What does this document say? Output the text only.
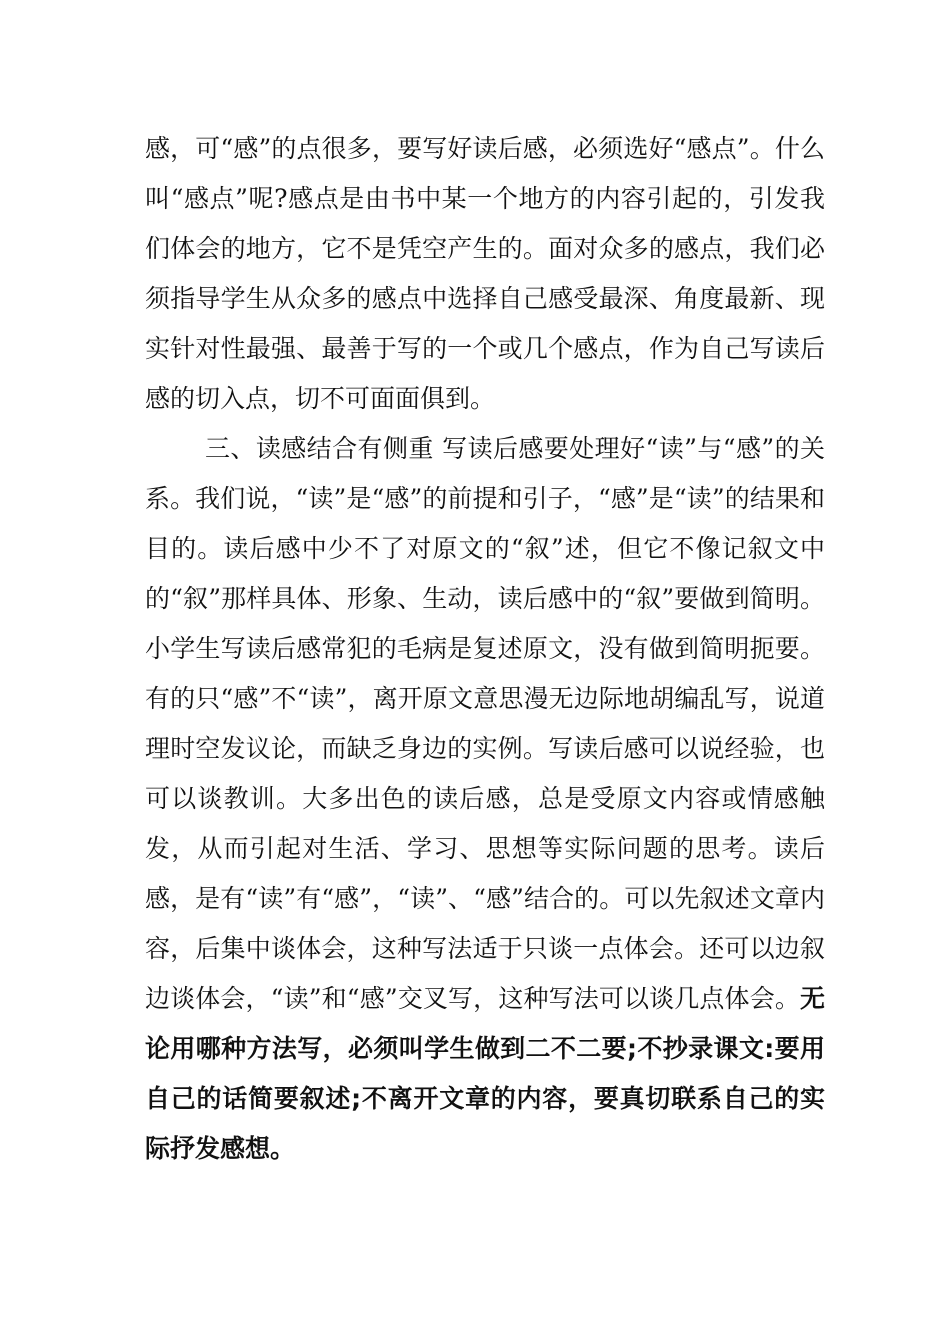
感，可“感”的点很多，要写好读后感，必须选好“感点”。什么叫“感点”呢?感点是由书中某一个地方的内容引起的，引发我们体会的地方，它不是凭空产生的。面对众多的感点，我们必须指导学生从众多的感点中选择自己感受最深、角度最新、现实针对性最强、最善于写的一个或几个感点，作为自己写读后感的切入点，切不可面面俱到。

三、读感结合有侧重 写读后感要处理好“读”与“感”的关系。我们说，“读”是“感”的前提和引子，“感”是“读”的结果和目的。读后感中少不了对原文的“叙”述，但它不像记叙文中的“叙”那样具体、形象、生动，读后感中的“叙”要做到简明。小学生写读后感常犯的毛病是复述原文，没有做到简明扼要。有的只“感”不“读”，离开原文意思漫无边际地胡编乱写，说道理时空发议论，而缺乏身边的实例。写读后感可以说经验，也可以谈教训。大多出色的读后感，总是受原文内容或情感触发，从而引起对生活、学习、思想等实际问题的思考。读后感，是有“读”有“感”，“读”、“感”结合的。可以先叙述文章内容，后集中谈体会，这种写法适于只谈一点体会。还可以边叙边谈体会，“读”和“感”交叉写，这种写法可以谈几点体会。无论用哪种方法写，必须叫学生做到二不二要;不抄录课文:要用自己的话简要叙述;不离开文章的内容，要真切联系自己的实际抒发感想。
